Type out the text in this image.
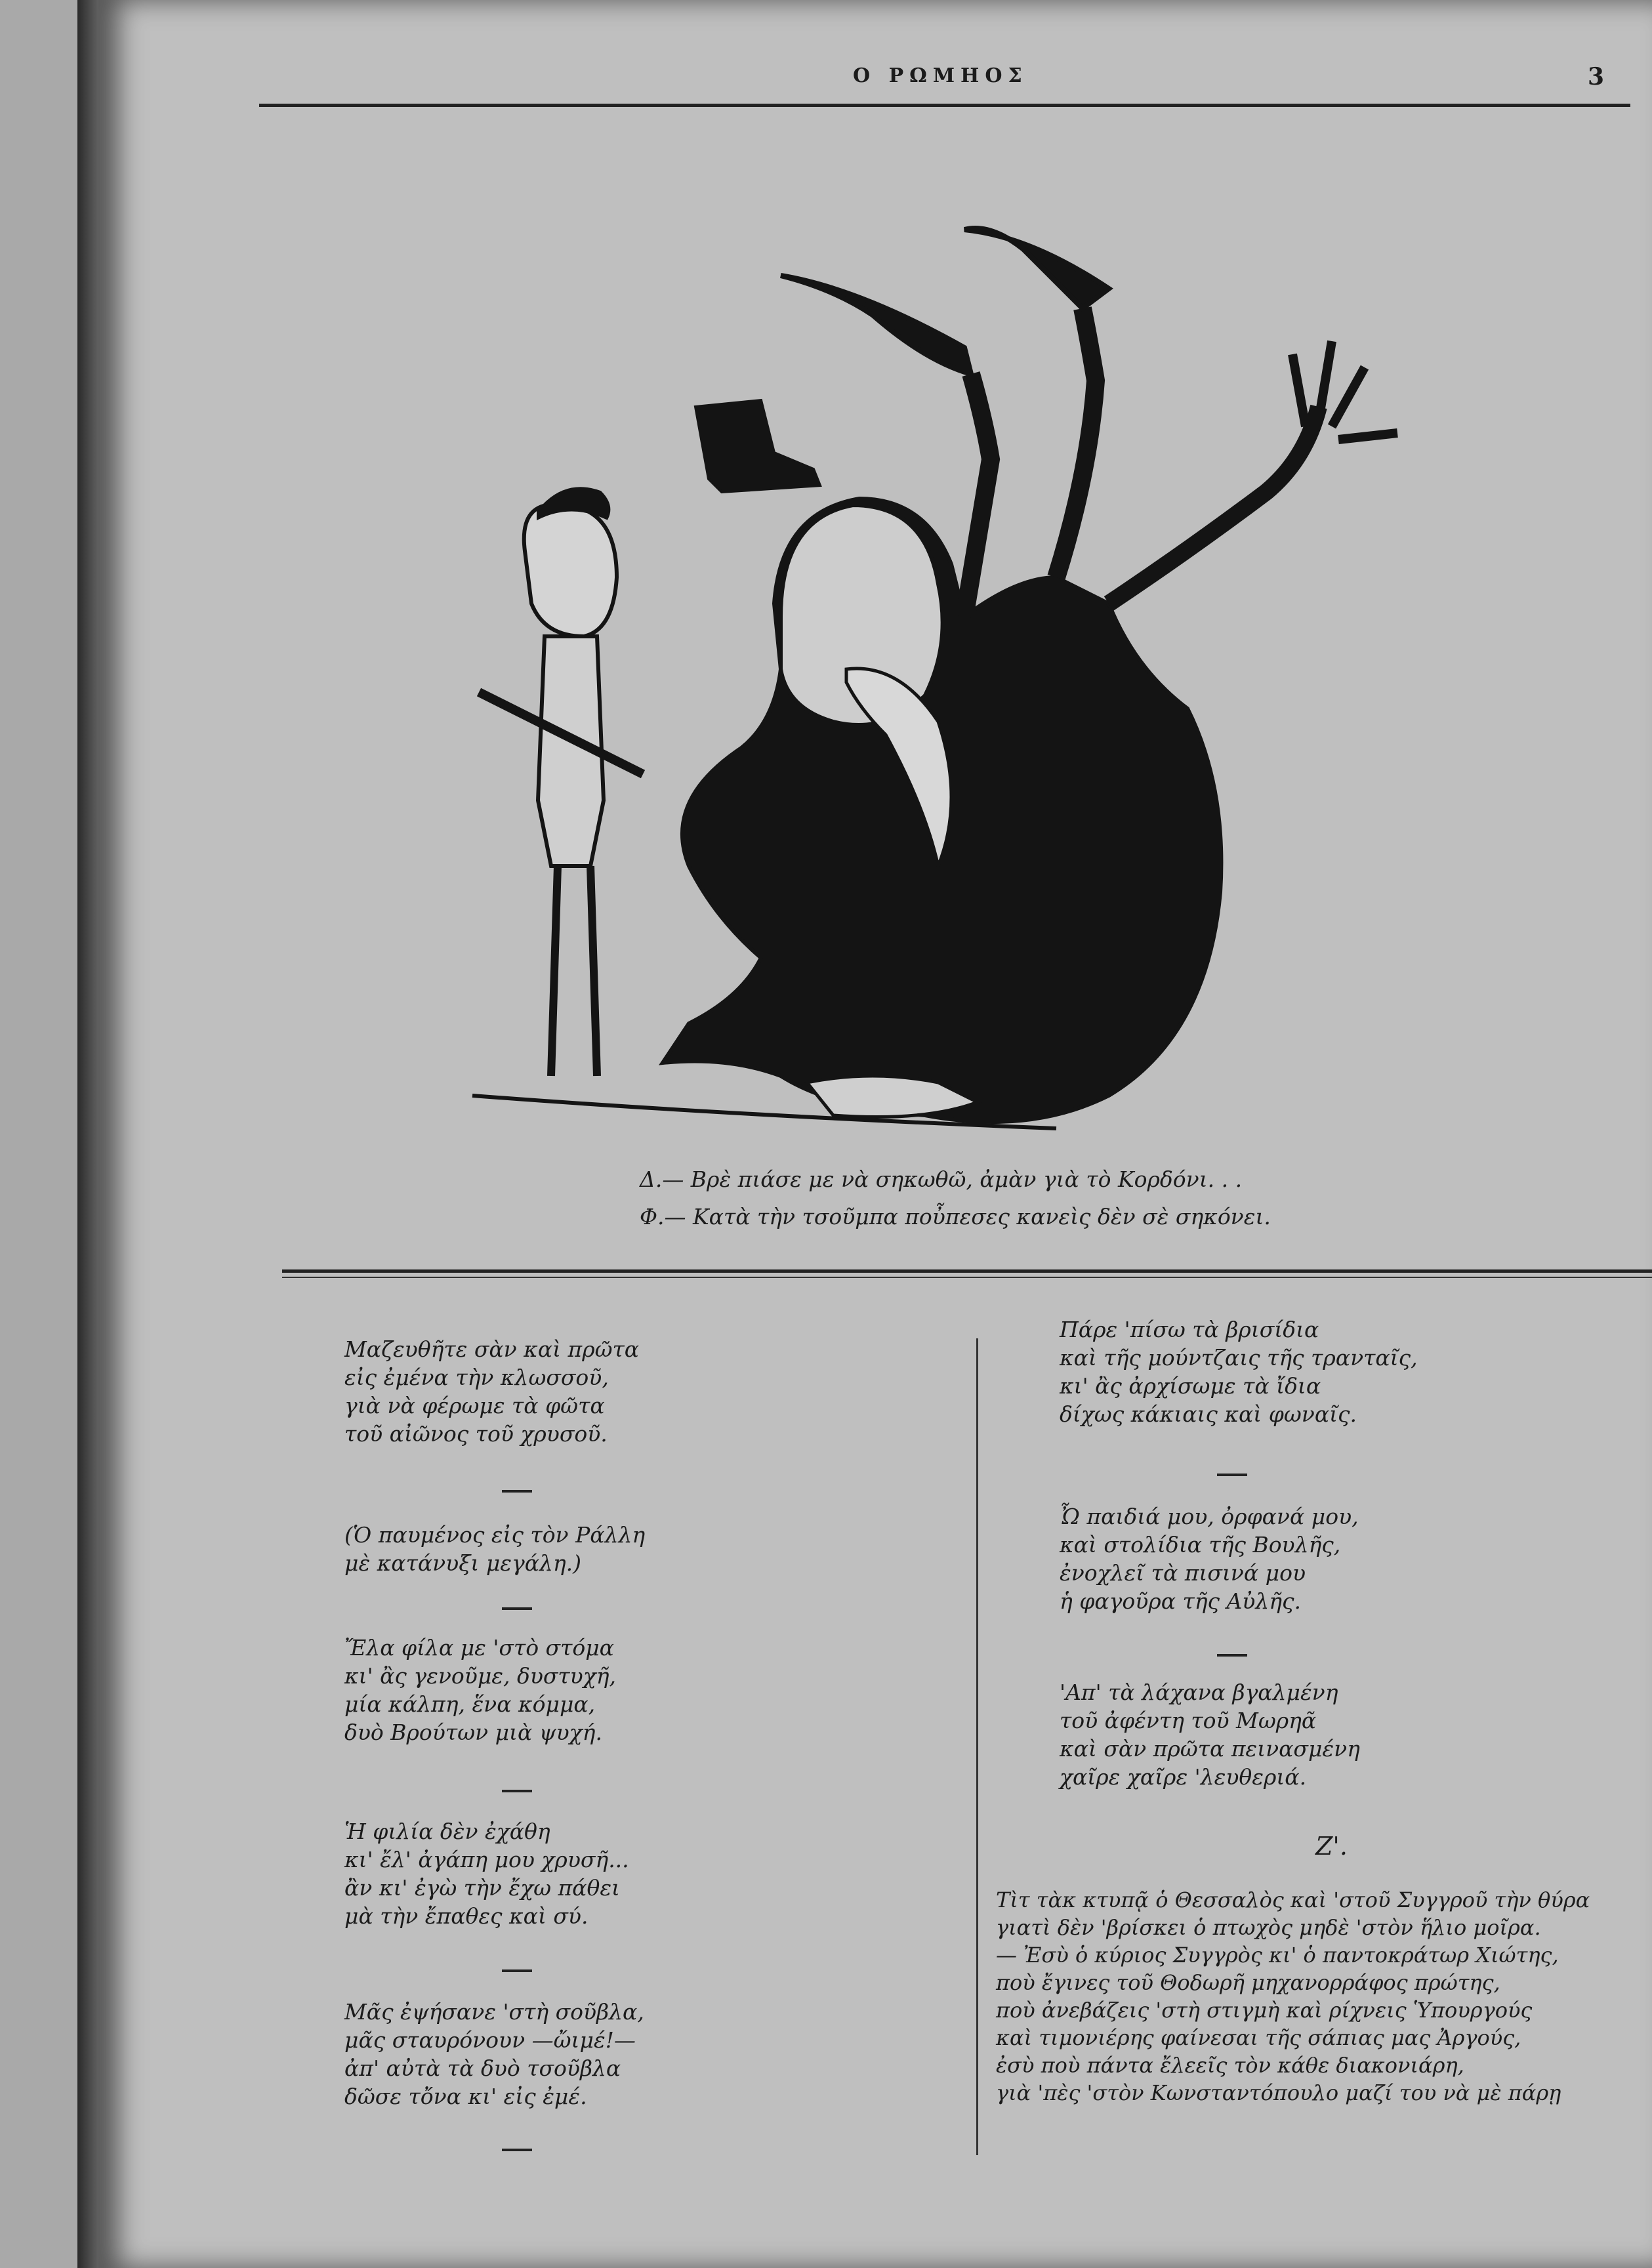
Ο ΡΩΜΗΟΣ	3
Δ.— Βρὲ πιάσε με νὰ σηκωθῶ, ἀμὰν γιὰ τὸ Κορδόνι. . .
Φ.— Κατὰ τὴν τσοῦμπα ποὖπεσες κανεὶς δὲν σὲ σηκόνει.
Μαζευθῆτε σὰν καὶ πρῶτα
εἰς ἐμένα τὴν κλωσσοῦ,
γιὰ νὰ φέρωμε τὰ φῶτα
τοῦ αἰῶνος τοῦ χρυσοῦ.
(Ὁ παυμένος εἰς τὸν Ράλλη
μὲ κατάνυξι μεγάλη.)
Ἔλα φίλα με 'στὸ στόμα
κι' ἂς γενοῦμε, δυστυχῆ,
μία κάλπη, ἕνα κόμμα,
δυὸ Βρούτων μιὰ ψυχή.
Ἡ φιλία δὲν ἐχάθη
κι' ἔλ' ἀγάπη μου χρυσῆ...
ἂν κι' ἐγὼ τὴν ἔχω πάθει
μὰ τὴν ἔπαθες καὶ σύ.
Μᾶς ἐψήσανε 'στὴ σοῦβλα,
μᾶς σταυρόνουν —ὤιμέ!—
ἀπ' αὐτὰ τὰ δυὸ τσοῦβλα
δῶσε τὄνα κι' εἰς ἐμέ.
Πάρε 'πίσω τὰ βρισίδια
καὶ τῆς μούντζαις τῆς τρανταῖς,
κι' ἂς ἀρχίσωμε τὰ ἴδια
δίχως κάκιαις καὶ φωναῖς.
Ὦ παιδιά μου, ὀρφανά μου,
καὶ στολίδια τῆς Βουλῆς,
ἐνοχλεῖ τὰ πισινά μου
ἡ φαγοῦρα τῆς Αὐλῆς.
'Απ' τὰ λάχανα βγαλμένη
τοῦ ἀφέντη τοῦ Μωρηᾶ
καὶ σὰν πρῶτα πεινασμένη
χαῖρε χαῖρε 'λευθεριά.
Ζ'.
Τὶτ τὰκ κτυπᾷ ὁ Θεσσαλὸς καὶ 'στοῦ Συγγροῦ τὴν θύρα
γιατὶ δὲν 'βρίσκει ὁ πτωχὸς μηδὲ 'στὸν ἥλιο μοῖρα.
— Ἐσὺ ὁ κύριος Συγγρὸς κι' ὁ παντοκράτωρ Χιώτης,
ποὺ ἔγινες τοῦ Θοδωρῆ μηχανορράφος πρώτης,
ποὺ ἀνεβάζεις 'στὴ στιγμὴ καὶ ρίχνεις Ὑπουργούς
καὶ τιμονιέρης φαίνεσαι τῆς σάπιας μας Ἀργούς,
ἐσὺ ποὺ πάντα ἔλεεῖς τὸν κάθε διακονιάρη,
γιὰ 'πὲς 'στὸν Κωνσταντόπουλο μαζί του νὰ μὲ πάρῃ
